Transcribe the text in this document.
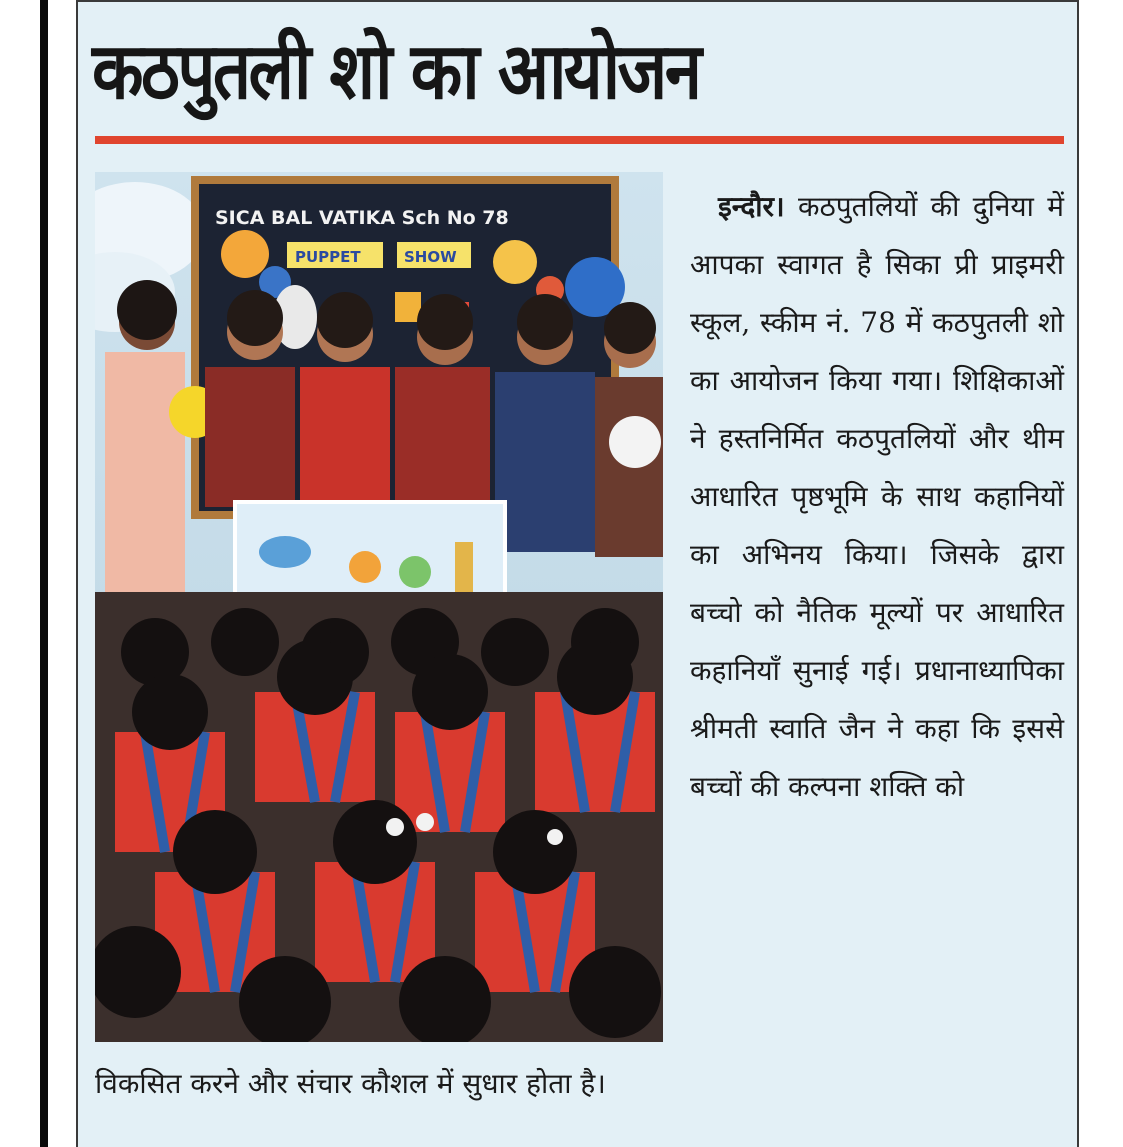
कठपुतली शो का आयोजन
SICA BAL VATIKA Sch No 78
PUPPET	SHOW

 इन्दौर। कठपुतलियों की दुनिया में आपका स्वागत है सिका प्री प्राइमरी स्कूल, स्कीम नं. 78 में कठपुतली शो का आयोजन किया गया। शिक्षिकाओं ने हस्तनिर्मित कठपुतलियों और थीम आधारित पृष्ठभूमि के साथ कहानियों का अभिनय किया। जिसके द्वारा बच्चो को नैतिक मूल्यों पर आधारित कहानियाँ सुनाई गई। प्रधानाध्यापिका श्रीमती स्वाति जैन ने कहा कि इससे बच्चों की कल्पना शक्ति को

विकसित करने और संचार कौशल में सुधार होता है।
